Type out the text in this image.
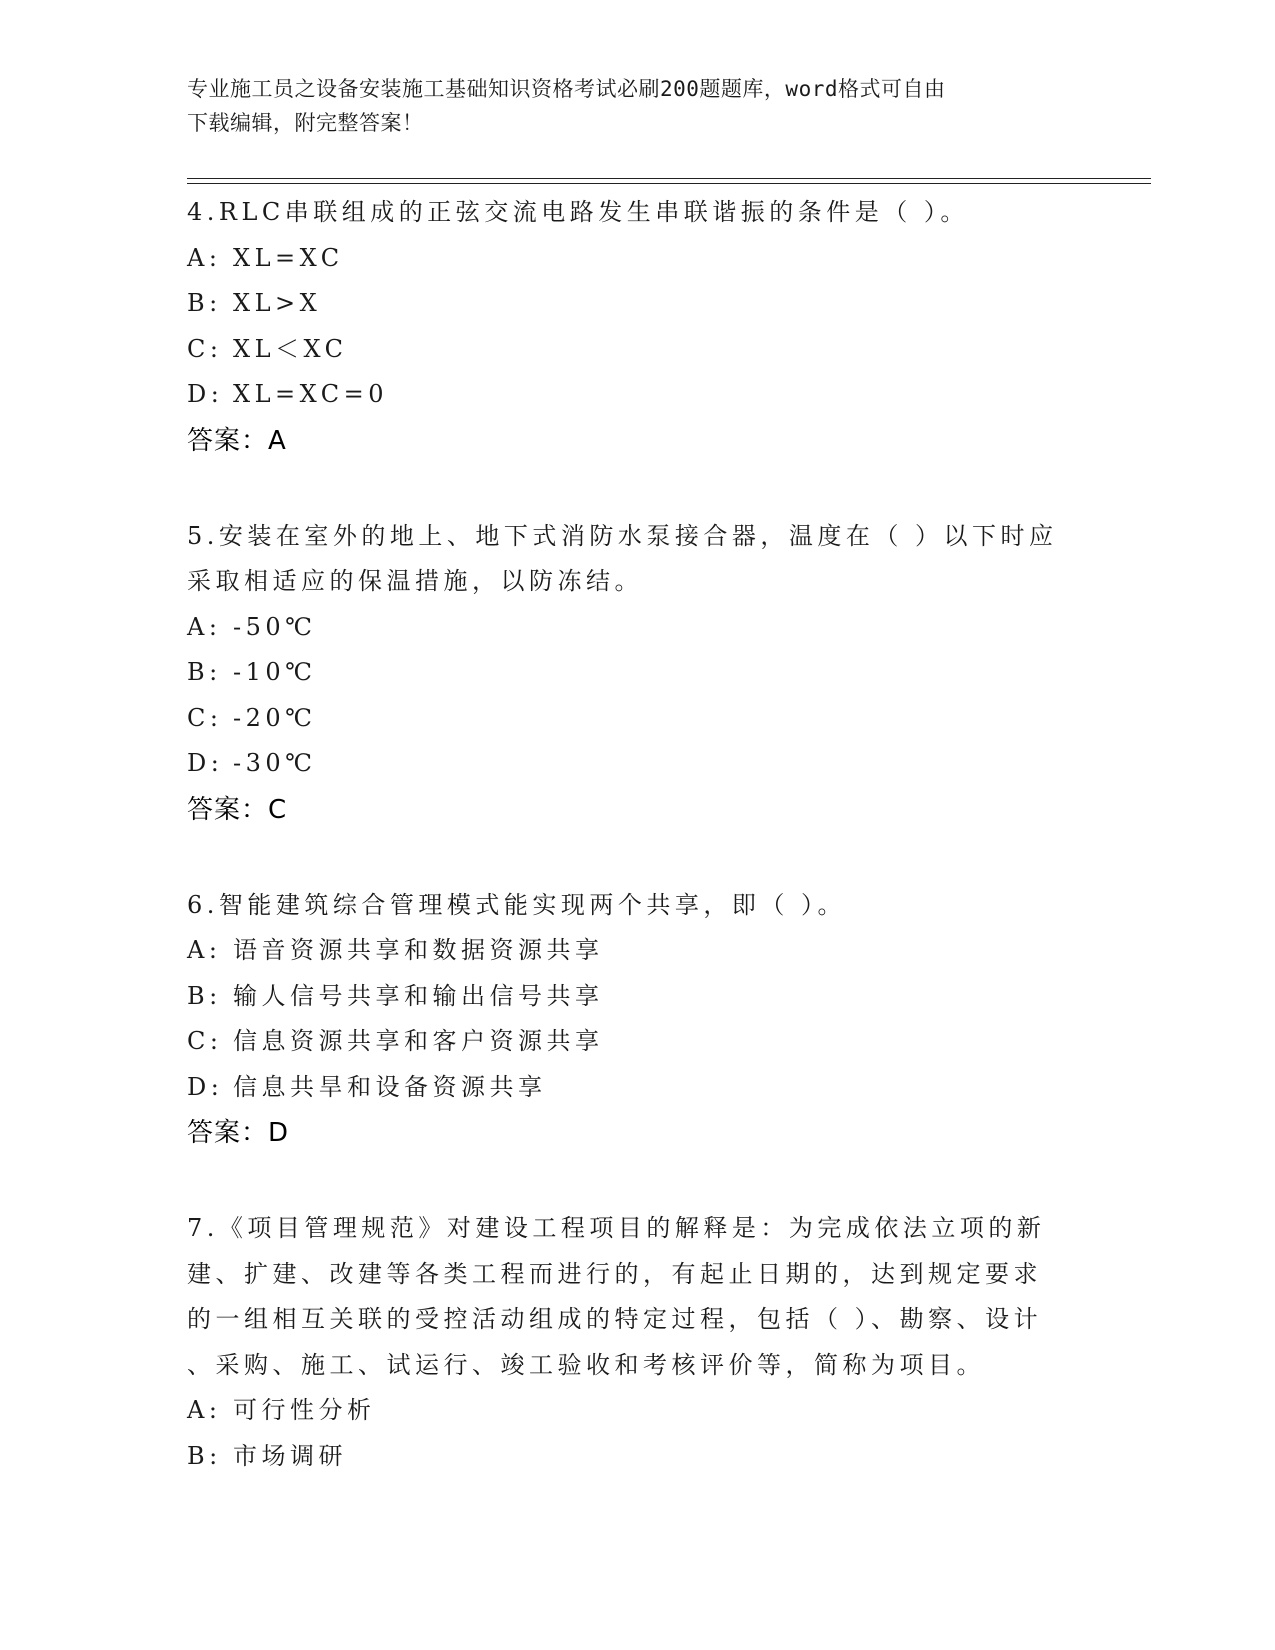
专业施工员之设备安装施工基础知识资格考试必刷200题题库，word格式可自由
下载编辑，附完整答案！

4.RLC串联组成的正弦交流电路发生串联谐振的条件是（ ）。

A: XL=XC
B: XL>X
C: XL＜XC
D: XL=XC=0
答案：A

5.安装在室外的地上、地下式消防水泵接合器，温度在（ ）以下时应

采取相适应的保温措施，以防冻结。

A: -50℃
B: -10℃
C: -20℃
D: -30℃
答案：C

6.智能建筑综合管理模式能实现两个共享，即（ ）。

A: 语音资源共享和数据资源共享
B: 输人信号共享和输出信号共享
C: 信息资源共享和客户资源共享
D: 信息共旱和设备资源共享
答案：D

7.《项目管理规范》对建设工程项目的解释是：为完成依法立项的新

建、扩建、改建等各类工程而进行的，有起止日期的，达到规定要求

的一组相互关联的受控活动组成的特定过程，包括（ ）、勘察、设计

、采购、施工、试运行、竣工验收和考核评价等，简称为项目。

A: 可行性分析
B: 市场调研
